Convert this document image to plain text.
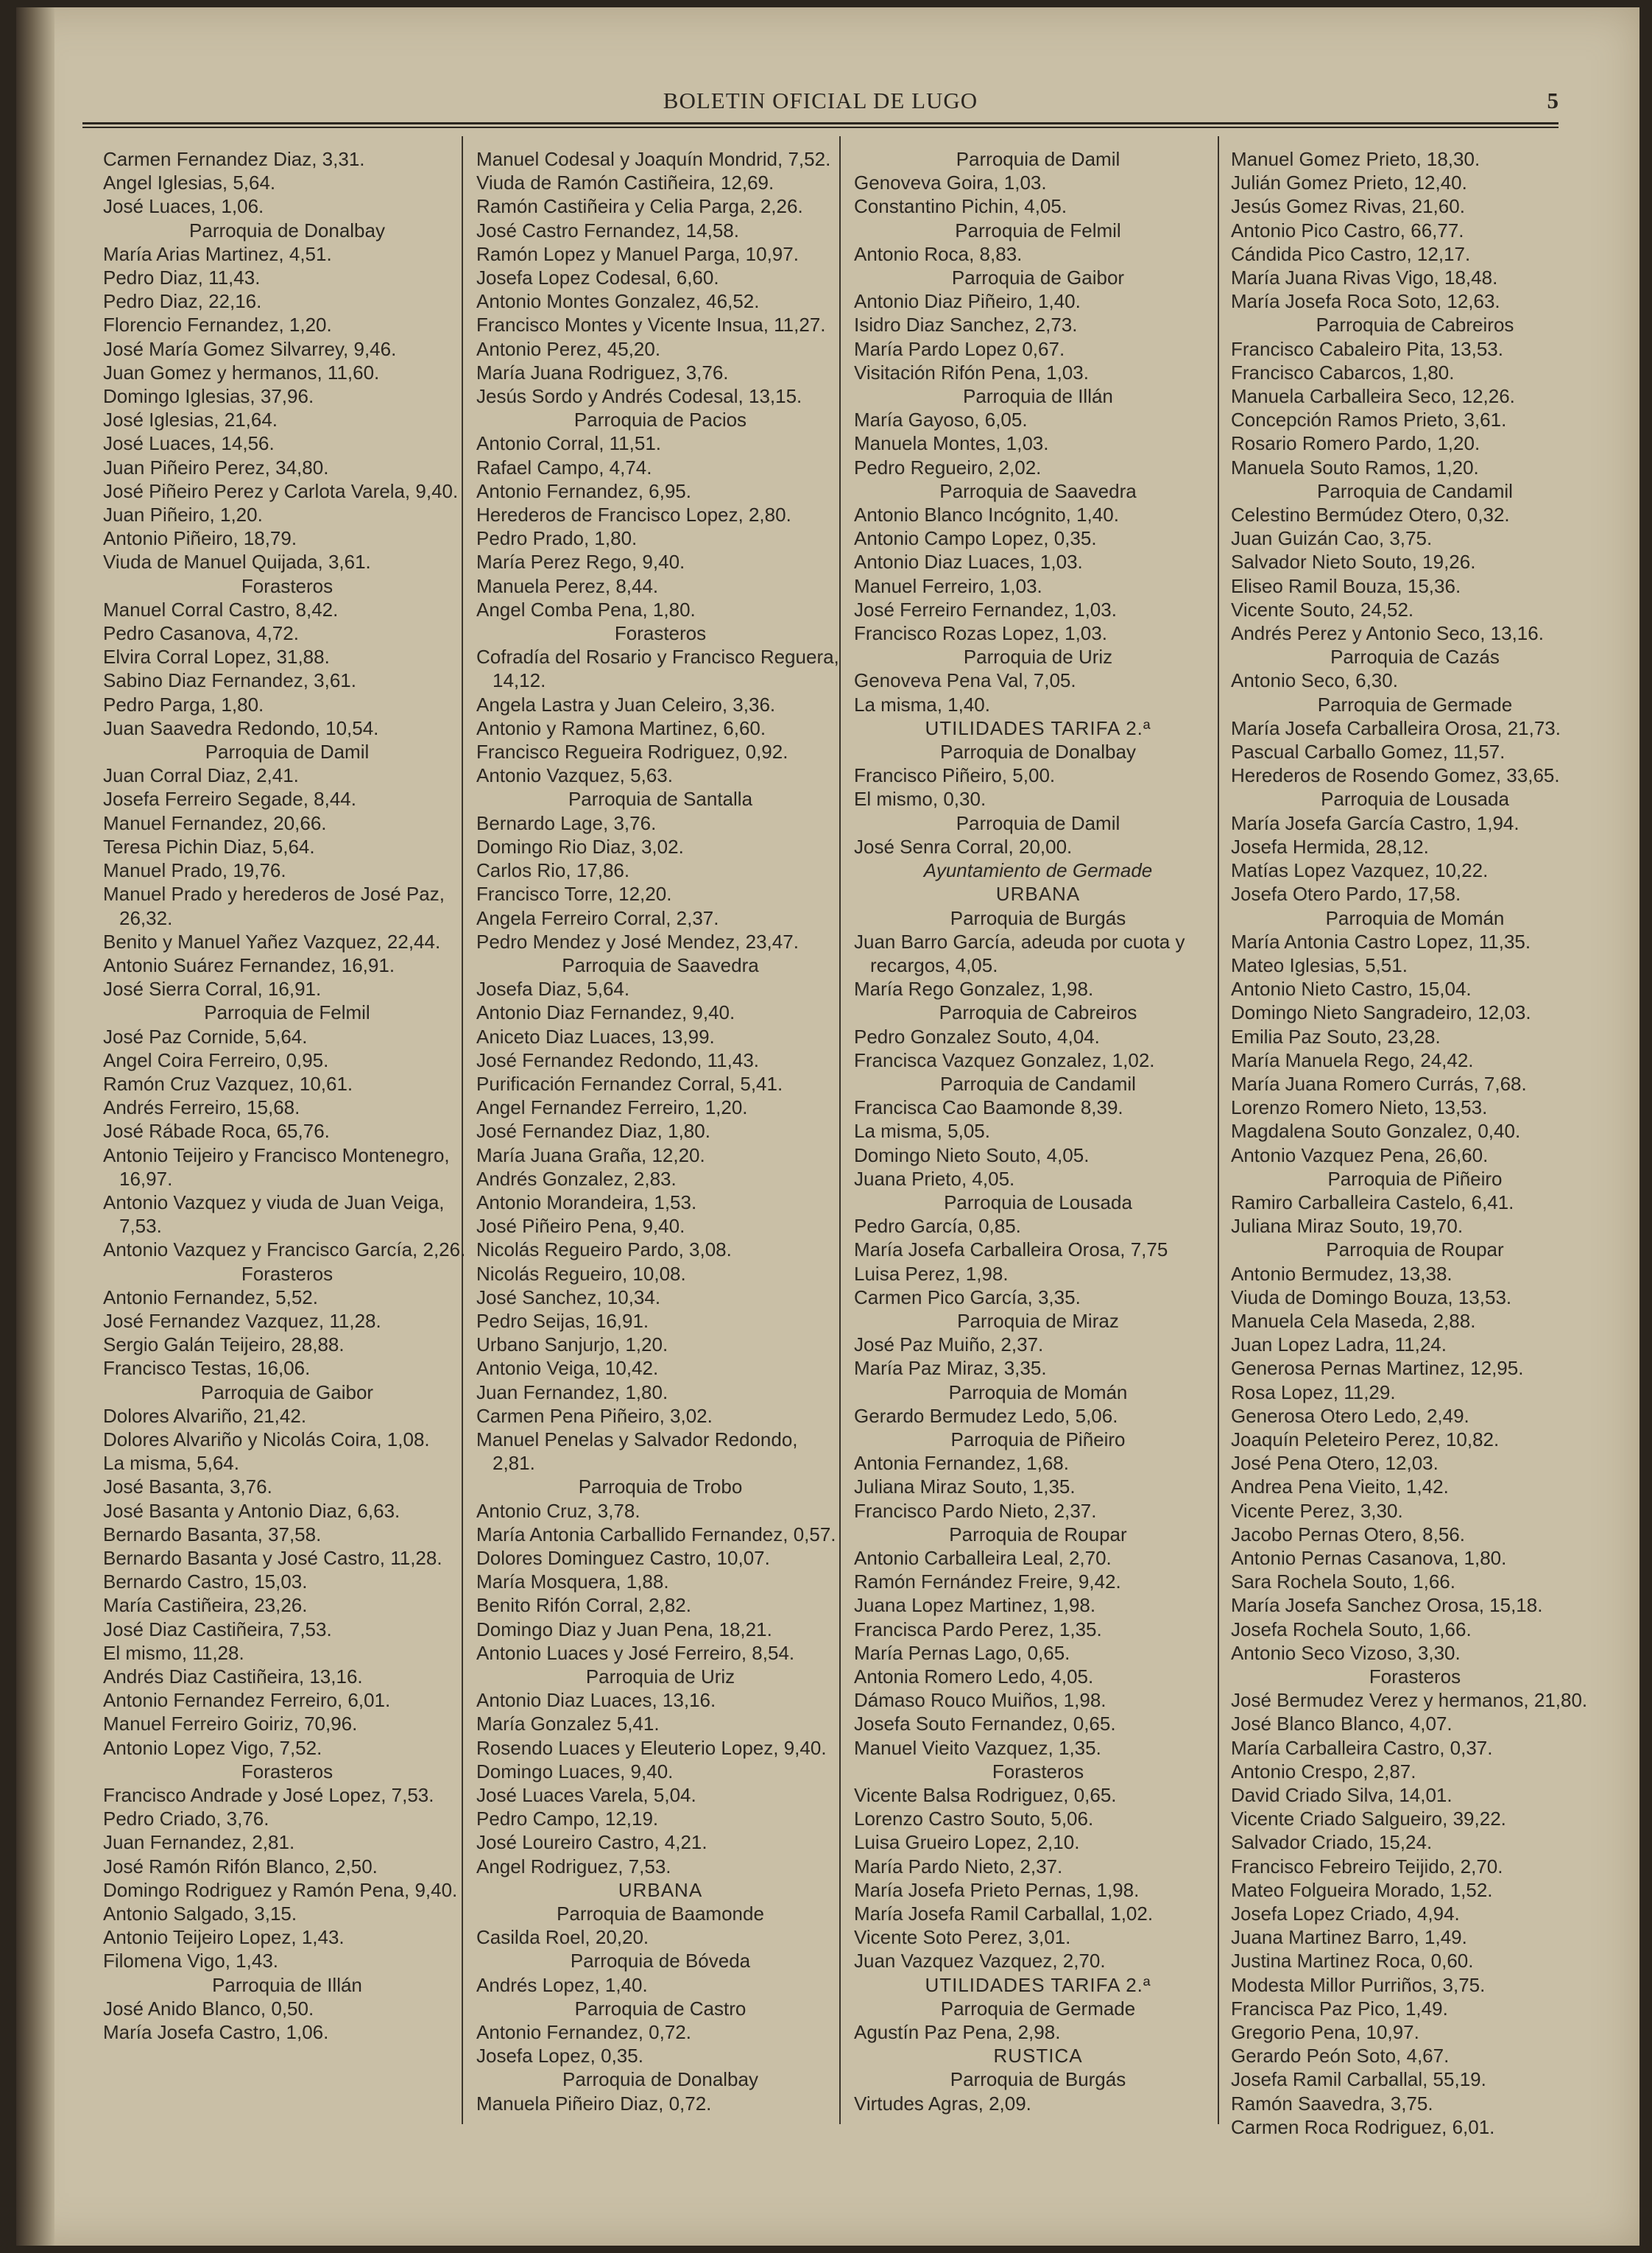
BOLETIN OFICIAL DE LUGO	5
Carmen Fernandez Diaz, 3,31.
Angel Iglesias, 5,64.
José Luaces, 1,06.
Parroquia de Donalbay
María Arias Martinez, 4,51.
Pedro Diaz, 11,43.
Pedro Diaz, 22,16.
Florencio Fernandez, 1,20.
José María Gomez Silvarrey, 9,46.
Juan Gomez y hermanos, 11,60.
Domingo Iglesias, 37,96.
José Iglesias, 21,64.
José Luaces, 14,56.
Juan Piñeiro Perez, 34,80.
José Piñeiro Perez y Carlota Varela, 9,40.
Juan Piñeiro, 1,20.
Antonio Piñeiro, 18,79.
Viuda de Manuel Quijada, 3,61.
Forasteros
Manuel Corral Castro, 8,42.
Pedro Casanova, 4,72.
Elvira Corral Lopez, 31,88.
Sabino Diaz Fernandez, 3,61.
Pedro Parga, 1,80.
Juan Saavedra Redondo, 10,54.
Parroquia de Damil
Juan Corral Diaz, 2,41.
Josefa Ferreiro Segade, 8,44.
Manuel Fernandez, 20,66.
Teresa Pichin Diaz, 5,64.
Manuel Prado, 19,76.
Manuel Prado y herederos de José Paz, 26,32.
Benito y Manuel Yañez Vazquez, 22,44.
Antonio Suárez Fernandez, 16,91.
José Sierra Corral, 16,91.
Parroquia de Felmil
José Paz Cornide, 5,64.
Angel Coira Ferreiro, 0,95.
Ramón Cruz Vazquez, 10,61.
Andrés Ferreiro, 15,68.
José Rábade Roca, 65,76.
Antonio Teijeiro y Francisco Montenegro, 16,97.
Antonio Vazquez y viuda de Juan Veiga, 7,53.
Antonio Vazquez y Francisco García, 2,26.
Forasteros
Antonio Fernandez, 5,52.
José Fernandez Vazquez, 11,28.
Sergio Galán Teijeiro, 28,88.
Francisco Testas, 16,06.
Parroquia de Gaibor
Dolores Alvariño, 21,42.
Dolores Alvariño y Nicolás Coira, 1,08.
La misma, 5,64.
José Basanta, 3,76.
José Basanta y Antonio Diaz, 6,63.
Bernardo Basanta, 37,58.
Bernardo Basanta y José Castro, 11,28.
Bernardo Castro, 15,03.
María Castiñeira, 23,26.
José Diaz Castiñeira, 7,53.
El mismo, 11,28.
Andrés Diaz Castiñeira, 13,16.
Antonio Fernandez Ferreiro, 6,01.
Manuel Ferreiro Goiriz, 70,96.
Antonio Lopez Vigo, 7,52.
Forasteros
Francisco Andrade y José Lopez, 7,53.
Pedro Criado, 3,76.
Juan Fernandez, 2,81.
José Ramón Rifón Blanco, 2,50.
Domingo Rodriguez y Ramón Pena, 9,40.
Antonio Salgado, 3,15.
Antonio Teijeiro Lopez, 1,43.
Filomena Vigo, 1,43.
Parroquia de Illán
José Anido Blanco, 0,50.
María Josefa Castro, 1,06.
Manuel Codesal y Joaquín Mondrid, 7,52.
Viuda de Ramón Castiñeira, 12,69.
Ramón Castiñeira y Celia Parga, 2,26.
José Castro Fernandez, 14,58.
Ramón Lopez y Manuel Parga, 10,97.
Josefa Lopez Codesal, 6,60.
Antonio Montes Gonzalez, 46,52.
Francisco Montes y Vicente Insua, 11,27.
Antonio Perez, 45,20.
María Juana Rodriguez, 3,76.
Jesús Sordo y Andrés Codesal, 13,15.
Parroquia de Pacios
Antonio Corral, 11,51.
Rafael Campo, 4,74.
Antonio Fernandez, 6,95.
Herederos de Francisco Lopez, 2,80.
Pedro Prado, 1,80.
María Perez Rego, 9,40.
Manuela Perez, 8,44.
Angel Comba Pena, 1,80.
Forasteros
Cofradía del Rosario y Francisco Reguera, 14,12.
Angela Lastra y Juan Celeiro, 3,36.
Antonio y Ramona Martinez, 6,60.
Francisco Regueira Rodriguez, 0,92.
Antonio Vazquez, 5,63.
Parroquia de Santalla
Bernardo Lage, 3,76.
Domingo Rio Diaz, 3,02.
Carlos Rio, 17,86.
Francisco Torre, 12,20.
Angela Ferreiro Corral, 2,37.
Pedro Mendez y José Mendez, 23,47.
Parroquia de Saavedra
Josefa Diaz, 5,64.
Antonio Diaz Fernandez, 9,40.
Aniceto Diaz Luaces, 13,99.
José Fernandez Redondo, 11,43.
Purificación Fernandez Corral, 5,41.
Angel Fernandez Ferreiro, 1,20.
José Fernandez Diaz, 1,80.
María Juana Graña, 12,20.
Andrés Gonzalez, 2,83.
Antonio Morandeira, 1,53.
José Piñeiro Pena, 9,40.
Nicolás Regueiro Pardo, 3,08.
Nicolás Regueiro, 10,08.
José Sanchez, 10,34.
Pedro Seijas, 16,91.
Urbano Sanjurjo, 1,20.
Antonio Veiga, 10,42.
Juan Fernandez, 1,80.
Carmen Pena Piñeiro, 3,02.
Manuel Penelas y Salvador Redondo, 2,81.
Parroquia de Trobo
Antonio Cruz, 3,78.
María Antonia Carballido Fernandez, 0,57.
Dolores Dominguez Castro, 10,07.
María Mosquera, 1,88.
Benito Rifón Corral, 2,82.
Domingo Diaz y Juan Pena, 18,21.
Antonio Luaces y José Ferreiro, 8,54.
Parroquia de Uriz
Antonio Diaz Luaces, 13,16.
María Gonzalez 5,41.
Rosendo Luaces y Eleuterio Lopez, 9,40.
Domingo Luaces, 9,40.
José Luaces Varela, 5,04.
Pedro Campo, 12,19.
José Loureiro Castro, 4,21.
Angel Rodriguez, 7,53.
URBANA
Parroquia de Baamonde
Casilda Roel, 20,20.
Parroquia de Bóveda
Andrés Lopez, 1,40.
Parroquia de Castro
Antonio Fernandez, 0,72.
Josefa Lopez, 0,35.
Parroquia de Donalbay
Manuela Piñeiro Diaz, 0,72.
Parroquia de Damil
Genoveva Goira, 1,03.
Constantino Pichin, 4,05.
Parroquia de Felmil
Antonio Roca, 8,83.
Parroquia de Gaibor
Antonio Diaz Piñeiro, 1,40.
Isidro Diaz Sanchez, 2,73.
María Pardo Lopez 0,67.
Visitación Rifón Pena, 1,03.
Parroquia de Illán
María Gayoso, 6,05.
Manuela Montes, 1,03.
Pedro Regueiro, 2,02.
Parroquia de Saavedra
Antonio Blanco Incógnito, 1,40.
Antonio Campo Lopez, 0,35.
Antonio Diaz Luaces, 1,03.
Manuel Ferreiro, 1,03.
José Ferreiro Fernandez, 1,03.
Francisco Rozas Lopez, 1,03.
Parroquia de Uriz
Genoveva Pena Val, 7,05.
La misma, 1,40.
UTILIDADES TARIFA 2.ª
Parroquia de Donalbay
Francisco Piñeiro, 5,00.
El mismo, 0,30.
Parroquia de Damil
José Senra Corral, 20,00.
Ayuntamiento de Germade
URBANA
Parroquia de Burgás
Juan Barro García, adeuda por cuota y recargos, 4,05.
María Rego Gonzalez, 1,98.
Parroquia de Cabreiros
Pedro Gonzalez Souto, 4,04.
Francisca Vazquez Gonzalez, 1,02.
Parroquia de Candamil
Francisca Cao Baamonde 8,39.
La misma, 5,05.
Domingo Nieto Souto, 4,05.
Juana Prieto, 4,05.
Parroquia de Lousada
Pedro García, 0,85.
María Josefa Carballeira Orosa, 7,75
Luisa Perez, 1,98.
Carmen Pico García, 3,35.
Parroquia de Miraz
José Paz Muiño, 2,37.
María Paz Miraz, 3,35.
Parroquia de Momán
Gerardo Bermudez Ledo, 5,06.
Parroquia de Piñeiro
Antonia Fernandez, 1,68.
Juliana Miraz Souto, 1,35.
Francisco Pardo Nieto, 2,37.
Parroquia de Roupar
Antonio Carballeira Leal, 2,70.
Ramón Fernández Freire, 9,42.
Juana Lopez Martinez, 1,98.
Francisca Pardo Perez, 1,35.
María Pernas Lago, 0,65.
Antonia Romero Ledo, 4,05.
Dámaso Rouco Muiños, 1,98.
Josefa Souto Fernandez, 0,65.
Manuel Vieito Vazquez, 1,35.
Forasteros
Vicente Balsa Rodriguez, 0,65.
Lorenzo Castro Souto, 5,06.
Luisa Grueiro Lopez, 2,10.
María Pardo Nieto, 2,37.
María Josefa Prieto Pernas, 1,98.
María Josefa Ramil Carballal, 1,02.
Vicente Soto Perez, 3,01.
Juan Vazquez Vazquez, 2,70.
UTILIDADES TARIFA 2.ª
Parroquia de Germade
Agustín Paz Pena, 2,98.
RUSTICA
Parroquia de Burgás
Virtudes Agras, 2,09.
Manuel Gomez Prieto, 18,30.
Julián Gomez Prieto, 12,40.
Jesús Gomez Rivas, 21,60.
Antonio Pico Castro, 66,77.
Cándida Pico Castro, 12,17.
María Juana Rivas Vigo, 18,48.
María Josefa Roca Soto, 12,63.
Parroquia de Cabreiros
Francisco Cabaleiro Pita, 13,53.
Francisco Cabarcos, 1,80.
Manuela Carballeira Seco, 12,26.
Concepción Ramos Prieto, 3,61.
Rosario Romero Pardo, 1,20.
Manuela Souto Ramos, 1,20.
Parroquia de Candamil
Celestino Bermúdez Otero, 0,32.
Juan Guizán Cao, 3,75.
Salvador Nieto Souto, 19,26.
Eliseo Ramil Bouza, 15,36.
Vicente Souto, 24,52.
Andrés Perez y Antonio Seco, 13,16.
Parroquia de Cazás
Antonio Seco, 6,30.
Parroquia de Germade
María Josefa Carballeira Orosa, 21,73.
Pascual Carballo Gomez, 11,57.
Herederos de Rosendo Gomez, 33,65.
Parroquia de Lousada
María Josefa García Castro, 1,94.
Josefa Hermida, 28,12.
Matías Lopez Vazquez, 10,22.
Josefa Otero Pardo, 17,58.
Parroquia de Momán
María Antonia Castro Lopez, 11,35.
Mateo Iglesias, 5,51.
Antonio Nieto Castro, 15,04.
Domingo Nieto Sangradeiro, 12,03.
Emilia Paz Souto, 23,28.
María Manuela Rego, 24,42.
María Juana Romero Currás, 7,68.
Lorenzo Romero Nieto, 13,53.
Magdalena Souto Gonzalez, 0,40.
Antonio Vazquez Pena, 26,60.
Parroquia de Piñeiro
Ramiro Carballeira Castelo, 6,41.
Juliana Miraz Souto, 19,70.
Parroquia de Roupar
Antonio Bermudez, 13,38.
Viuda de Domingo Bouza, 13,53.
Manuela Cela Maseda, 2,88.
Juan Lopez Ladra, 11,24.
Generosa Pernas Martinez, 12,95.
Rosa Lopez, 11,29.
Generosa Otero Ledo, 2,49.
Joaquín Peleteiro Perez, 10,82.
José Pena Otero, 12,03.
Andrea Pena Vieito, 1,42.
Vicente Perez, 3,30.
Jacobo Pernas Otero, 8,56.
Antonio Pernas Casanova, 1,80.
Sara Rochela Souto, 1,66.
María Josefa Sanchez Orosa, 15,18.
Josefa Rochela Souto, 1,66.
Antonio Seco Vizoso, 3,30.
Forasteros
José Bermudez Verez y hermanos, 21,80.
José Blanco Blanco, 4,07.
María Carballeira Castro, 0,37.
Antonio Crespo, 2,87.
David Criado Silva, 14,01.
Vicente Criado Salgueiro, 39,22.
Salvador Criado, 15,24.
Francisco Febreiro Teijido, 2,70.
Mateo Folgueira Morado, 1,52.
Josefa Lopez Criado, 4,94.
Juana Martinez Barro, 1,49.
Justina Martinez Roca, 0,60.
Modesta Millor Purriños, 3,75.
Francisca Paz Pico, 1,49.
Gregorio Pena, 10,97.
Gerardo Peón Soto, 4,67.
Josefa Ramil Carballal, 55,19.
Ramón Saavedra, 3,75.
Carmen Roca Rodriguez, 6,01.
